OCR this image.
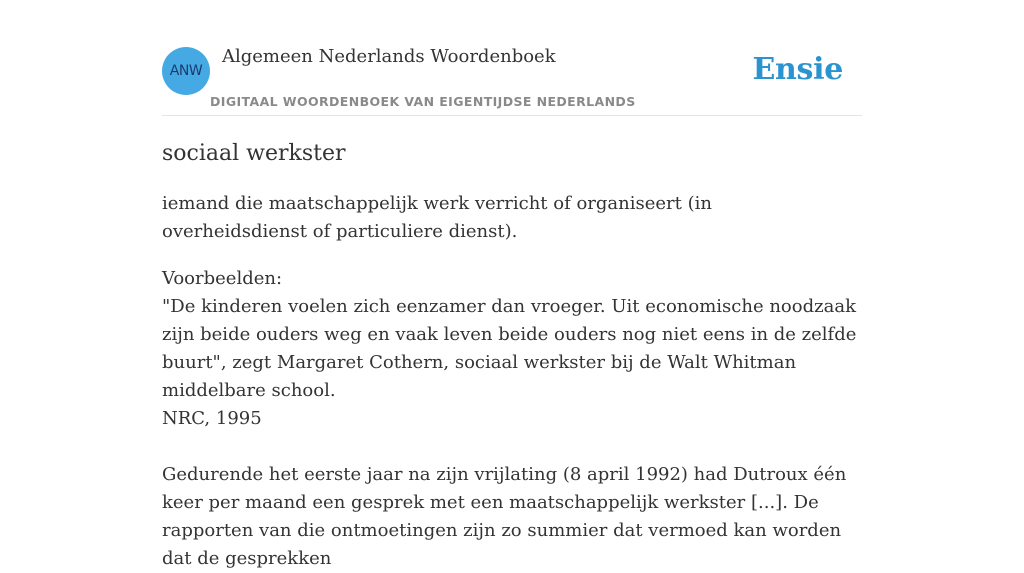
ANW
Algemeen Nederlands Woordenboek
DIGITAAL WOORDENBOEK VAN EIGENTIJDSE NEDERLANDS
Ensie
sociaal werkster

iemand die maatschappelijk werk verricht of organiseert (in overheidsdienst of particuliere dienst).

Voorbeelden:
"De kinderen voelen zich eenzamer dan vroeger. Uit economische noodzaak zijn beide ouders weg en vaak leven beide ouders nog niet eens in de zelfde buurt", zegt Margaret Cothern, sociaal werkster bij de Walt Whitman middelbare school.
NRC, 1995
Gedurende het eerste jaar na zijn vrijlating (8 april 1992) had Dutroux één keer per maand een gesprek met een maatschappelijk werkster [...]. De rapporten van die ontmoetingen zijn zo summier dat vermoed kan worden dat de gesprekken
